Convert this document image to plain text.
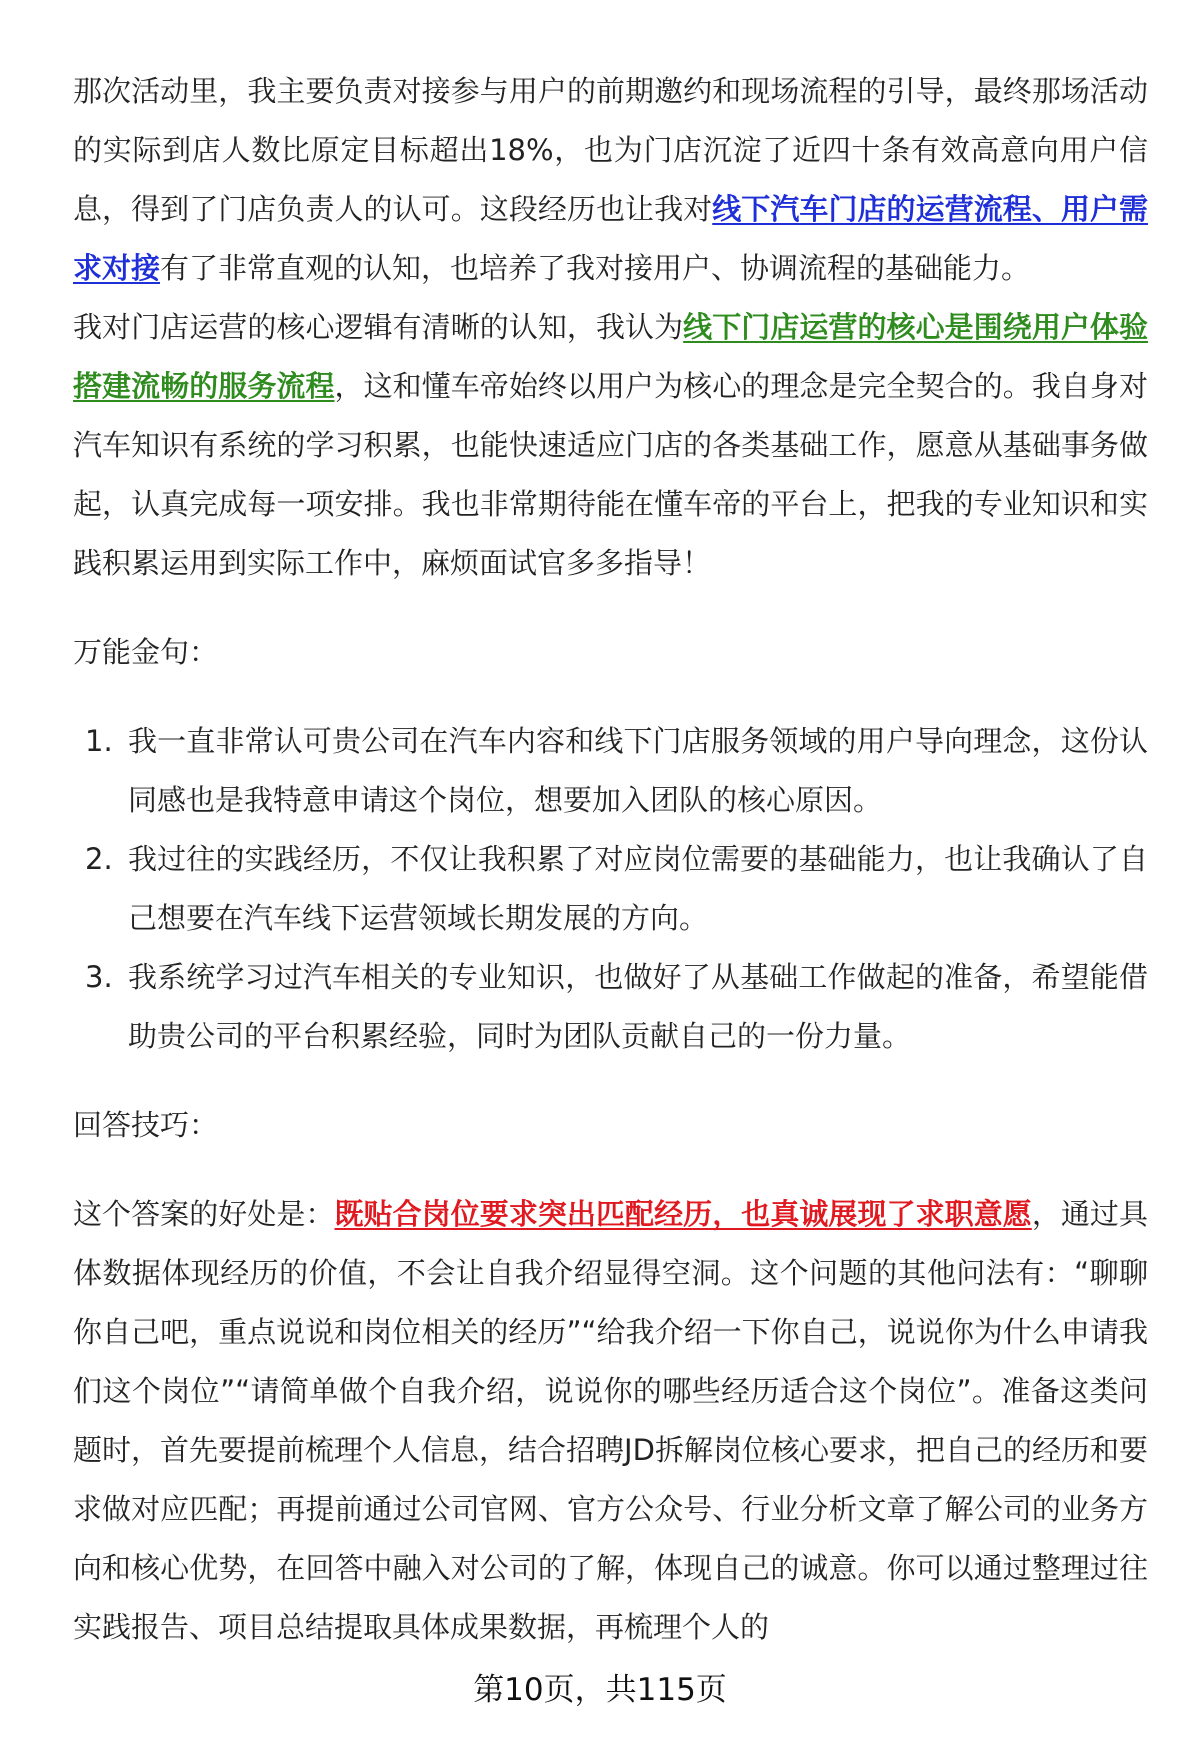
那次活动里，我主要负责对接参与用户的前期邀约和现场流程的引导，最终那场活动的实际到店人数比原定目标超出18%，也为门店沉淀了近四十条有效高意向用户信息，得到了门店负责人的认可。这段经历也让我对线下汽车门店的运营流程、用户需求对接有了非常直观的认知，也培养了我对接用户、协调流程的基础能力。

我对门店运营的核心逻辑有清晰的认知，我认为线下门店运营的核心是围绕用户体验搭建流畅的服务流程，这和懂车帝始终以用户为核心的理念是完全契合的。我自身对汽车知识有系统的学习积累，也能快速适应门店的各类基础工作，愿意从基础事务做起，认真完成每一项安排。我也非常期待能在懂车帝的平台上，把我的专业知识和实践积累运用到实际工作中，麻烦面试官多多指导！

万能金句：

1. 我一直非常认可贵公司在汽车内容和线下门店服务领域的用户导向理念，这份认同感也是我特意申请这个岗位，想要加入团队的核心原因。
2. 我过往的实践经历，不仅让我积累了对应岗位需要的基础能力，也让我确认了自己想要在汽车线下运营领域长期发展的方向。
3. 我系统学习过汽车相关的专业知识，也做好了从基础工作做起的准备，希望能借助贵公司的平台积累经验，同时为团队贡献自己的一份力量。

回答技巧：

这个答案的好处是：既贴合岗位要求突出匹配经历，也真诚展现了求职意愿，通过具体数据体现经历的价值，不会让自我介绍显得空洞。这个问题的其他问法有：“聊聊你自己吧，重点说说和岗位相关的经历”“给我介绍一下你自己，说说你为什么申请我们这个岗位”“请简单做个自我介绍，说说你的哪些经历适合这个岗位”。准备这类问题时，首先要提前梳理个人信息，结合招聘JD拆解岗位核心要求，把自己的经历和要求做对应匹配；再提前通过公司官网、官方公众号、行业分析文章了解公司的业务方向和核心优势，在回答中融入对公司的了解，体现自己的诚意。你可以通过整理过往实践报告、项目总结提取具体成果数据，再梳理个人的

第10页，共115页
